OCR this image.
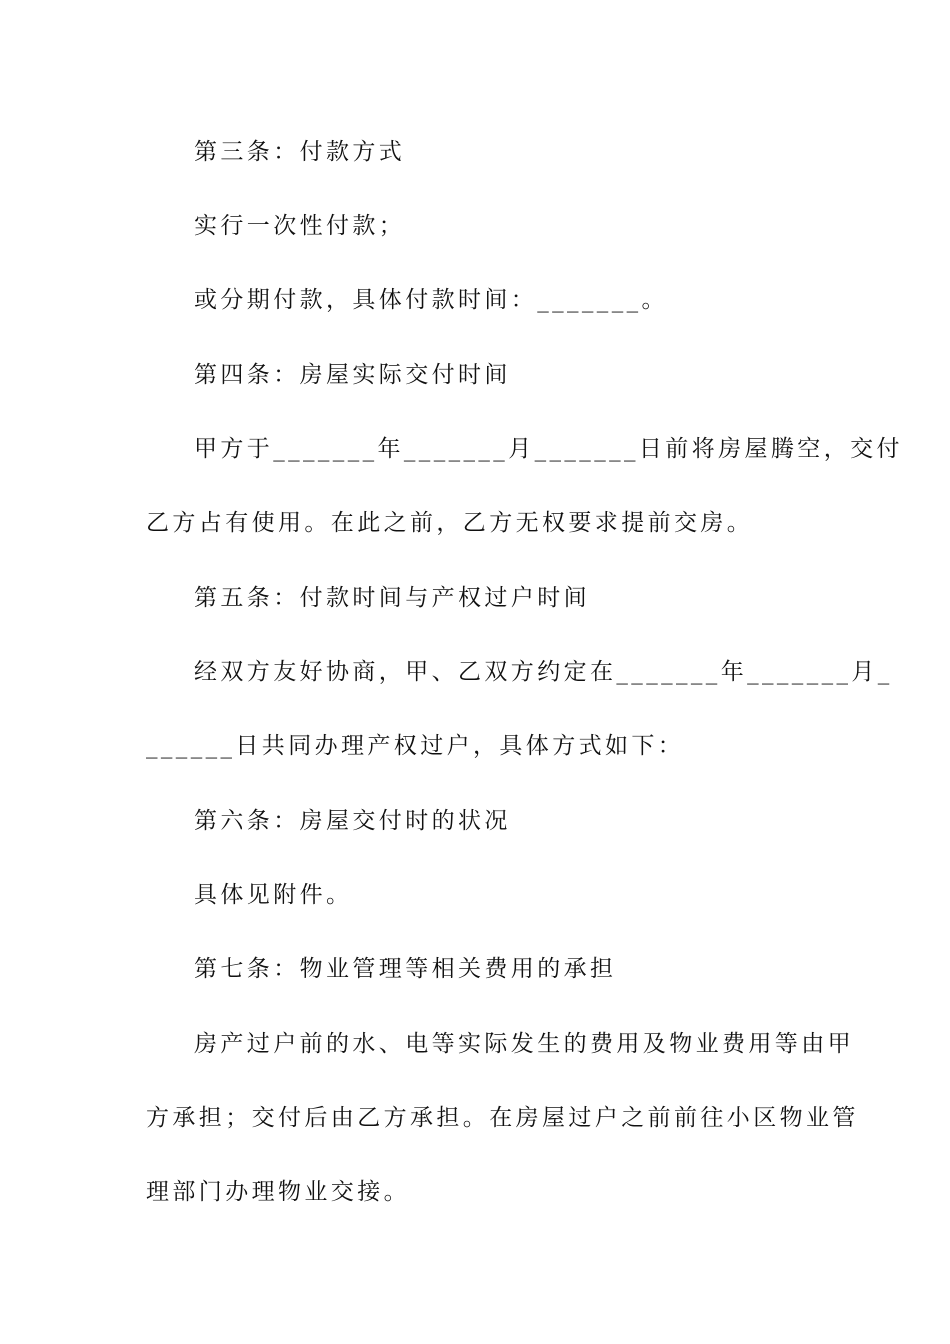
第三条：付款方式
实行一次性付款；
或分期付款，具体付款时间：_______。
第四条：房屋实际交付时间
甲方于_______年_______月_______日前将房屋腾空，交付
乙方占有使用。在此之前，乙方无权要求提前交房。
第五条：付款时间与产权过户时间
经双方友好协商，甲、乙双方约定在_______年_______月_
______日共同办理产权过户，具体方式如下：
第六条：房屋交付时的状况
具体见附件。
第七条：物业管理等相关费用的承担
房产过户前的水、电等实际发生的费用及物业费用等由甲
方承担；交付后由乙方承担。在房屋过户之前前往小区物业管
理部门办理物业交接。
